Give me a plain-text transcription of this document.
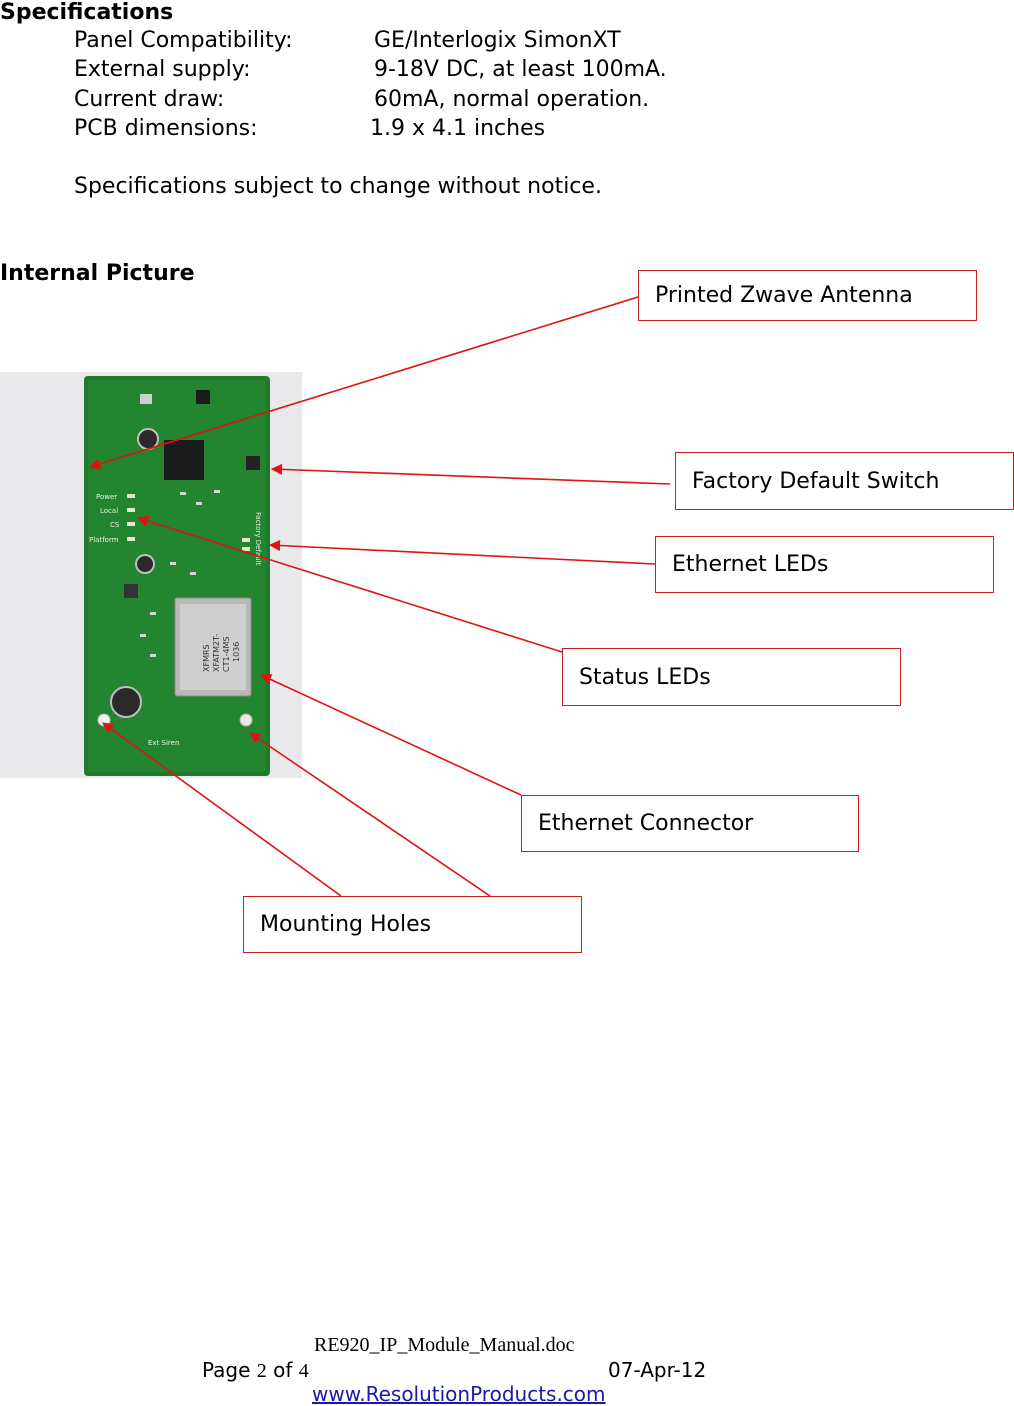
Specifications
Panel Compatibility:	GE/Interlogix SimonXT
External supply:	9-18V DC, at least 100mA.
Current draw:	60mA, normal operation.
PCB dimensions:	1.9 x 4.1 inches
Specifications subject to change without notice.
Internal Picture
Power
Local
CS
Platform
Ext Siren
XFMRS XFATM2T- CT1-4MS 1036
Factory Default
Printed Zwave Antenna
Factory Default Switch
Ethernet LEDs
Status LEDs
Ethernet Connector
Mounting Holes
RE920_IP_Module_Manual.doc
Page 2 of 4	07-Apr-12
www.ResolutionProducts.com
